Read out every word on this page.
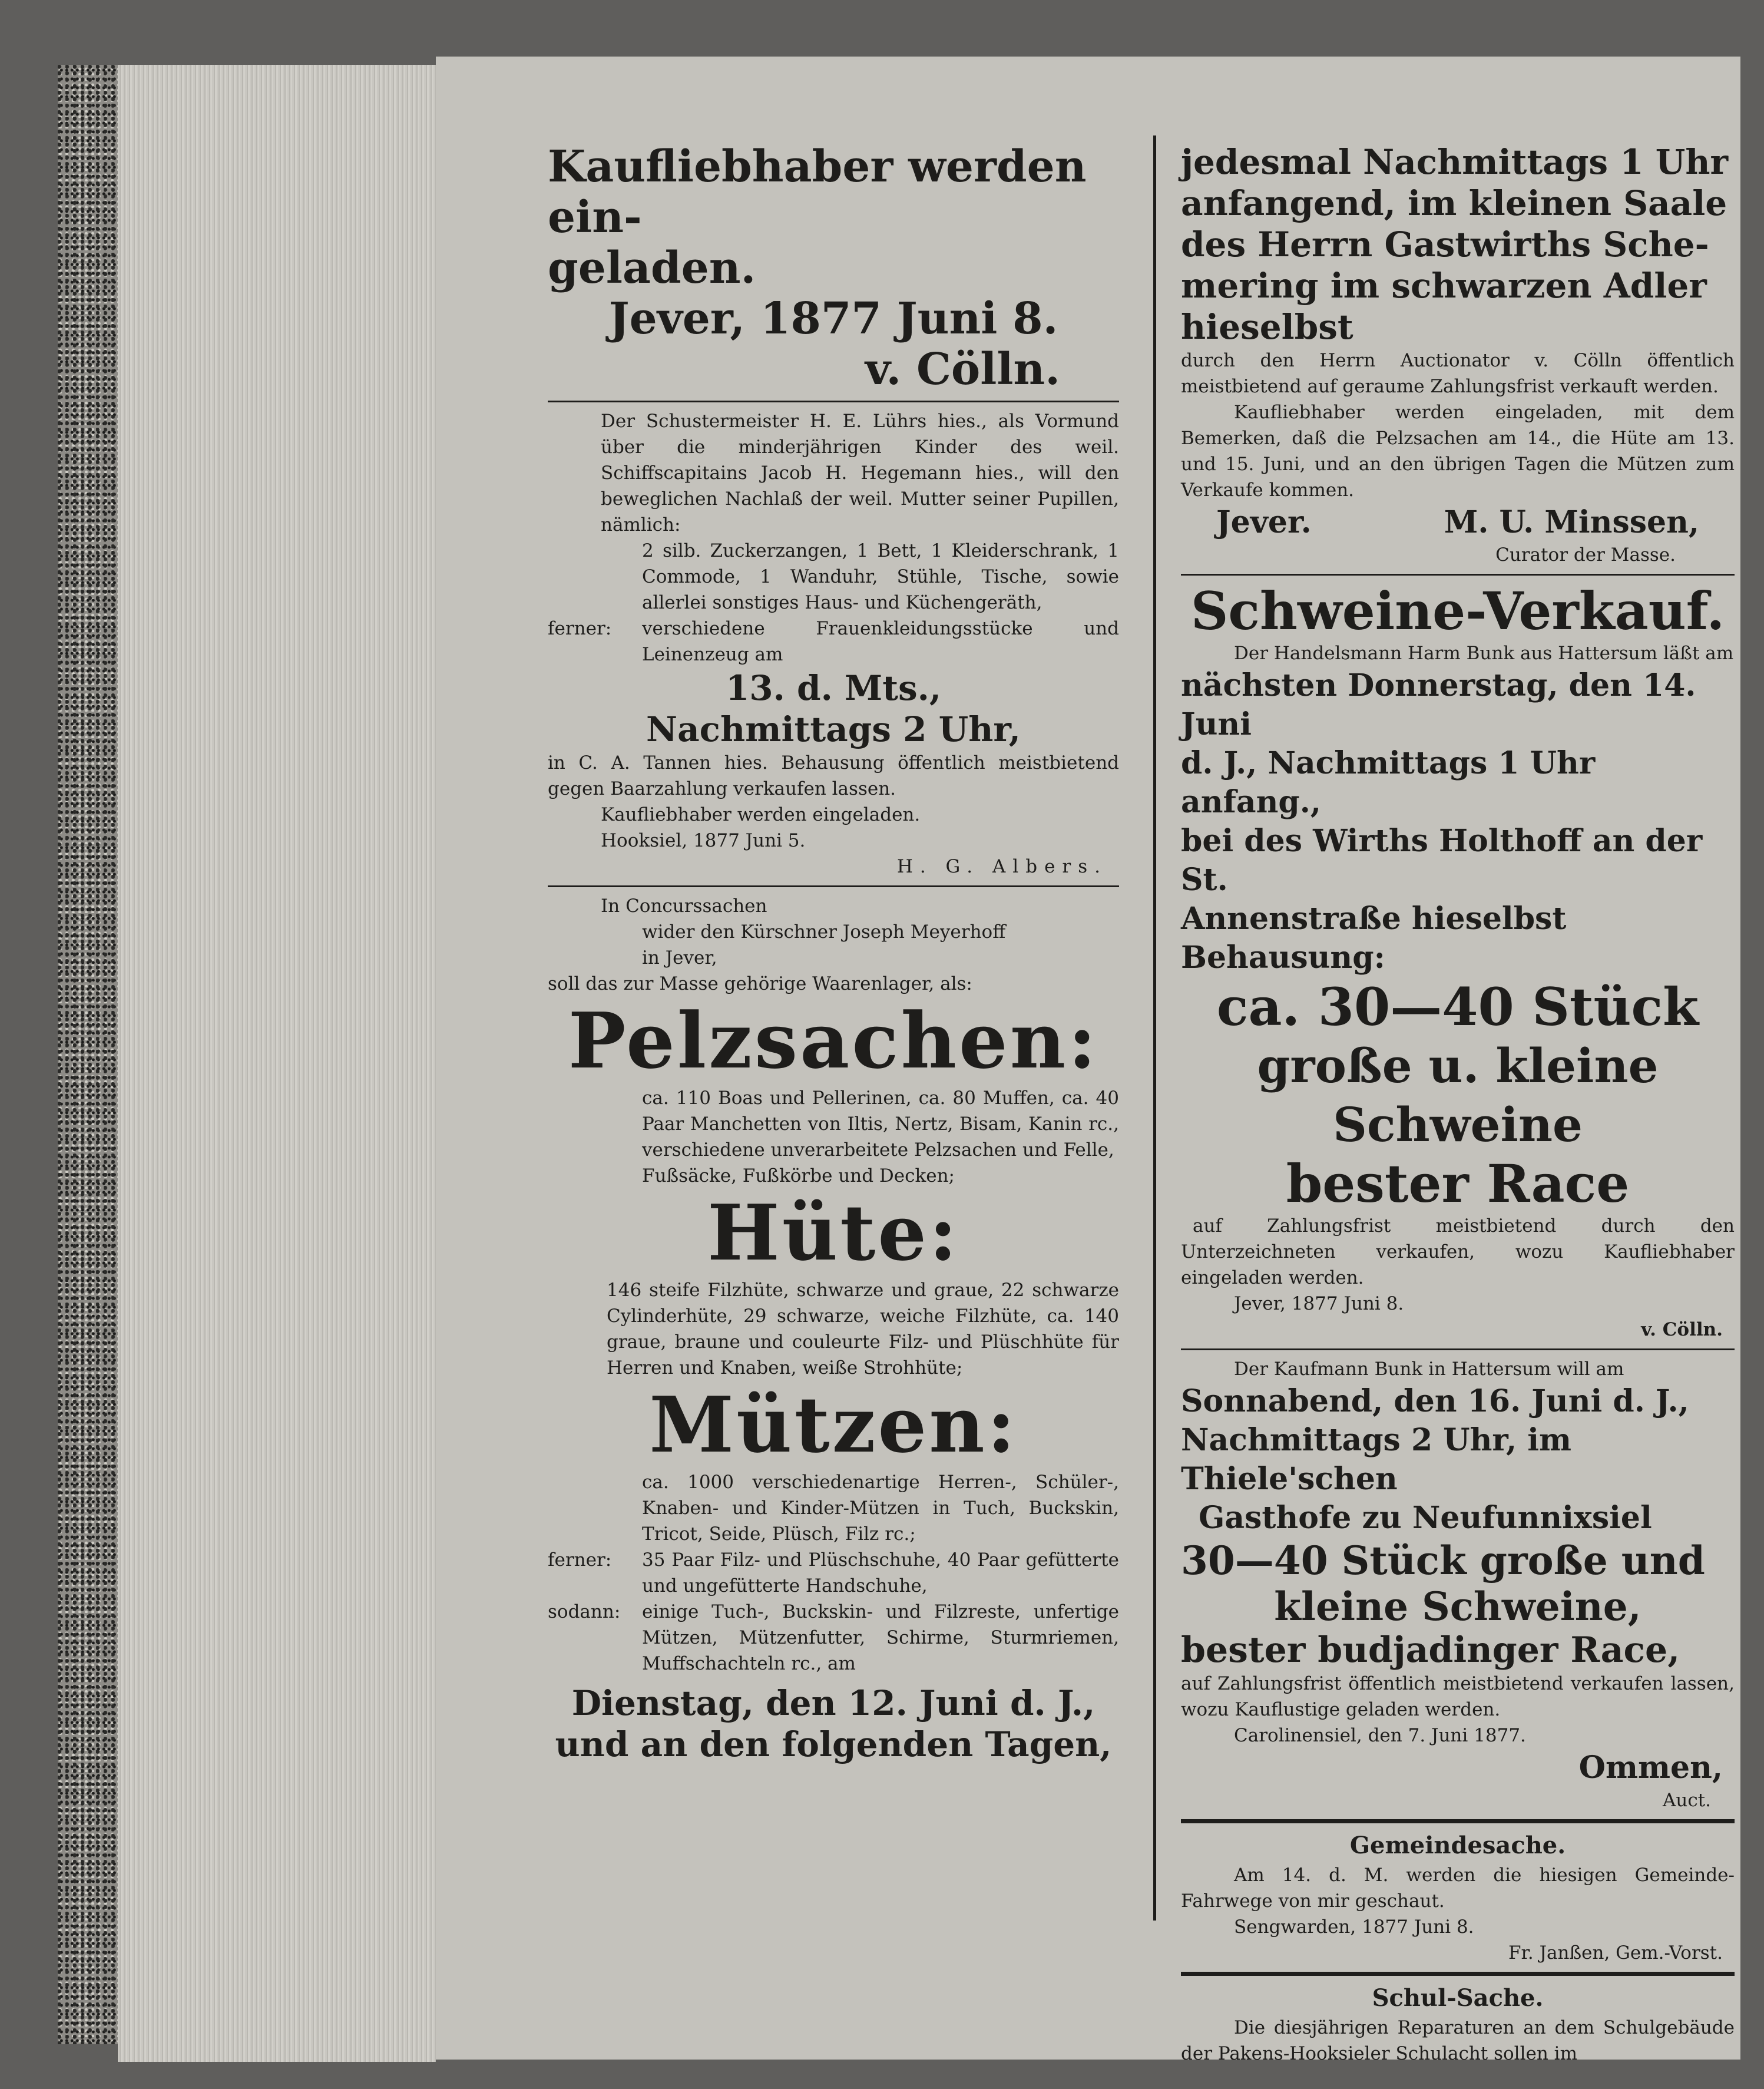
Kaufliebhaber werden ein-

geladen.

Jever, 1877 Juni 8.

v. Cölln.

Der Schustermeister H. E. Lührs hies., als Vormund über die minderjährigen Kinder des weil. Schiffscapitains Jacob H. Hegemann hies., will den beweglichen Nachlaß der weil. Mutter seiner Pupillen, nämlich:

2 silb. Zuckerzangen, 1 Bett, 1 Kleiderschrank, 1 Commode, 1 Wanduhr, Stühle, Tische, sowie allerlei sonstiges Haus- und Küchengeräth,

ferner:	verschiedene Frauenkleidungsstücke und Leinenzeug am

13. d. Mts.,

Nachmittags 2 Uhr,

in C. A. Tannen hies. Behausung öffentlich meistbietend gegen Baarzahlung verkaufen lassen.

Kaufliebhaber werden eingeladen.

Hooksiel, 1877 Juni 5.

H. G. Albers.

In Concurssachen

wider den Kürschner Joseph Meyerhoff

in Jever,

soll das zur Masse gehörige Waarenlager, als:

Pelzsachen:

ca. 110 Boas und Pellerinen, ca. 80 Muffen, ca. 40 Paar Manchetten von Iltis, Nertz, Bisam, Kanin rc., verschiedene unverarbeitete Pelzsachen und Felle,

Fußsäcke, Fußkörbe und Decken;

Hüte:

146 steife Filzhüte, schwarze und graue, 22 schwarze Cylinderhüte, 29 schwarze, weiche Filzhüte, ca. 140 graue, braune und couleurte Filz- und Plüschhüte für Herren und Knaben, weiße Strohhüte;

Mützen:

ca. 1000 verschiedenartige Herren-, Schüler-, Knaben- und Kinder-Mützen in Tuch, Buckskin, Tricot, Seide, Plüsch, Filz rc.;

ferner:	35 Paar Filz- und Plüschschuhe, 40 Paar gefütterte und ungefütterte Handschuhe,
sodann:	einige Tuch-, Buckskin- und Filzreste, unfertige Mützen, Mützenfutter, Schirme, Sturmriemen, Muffschachteln rc., am

Dienstag, den 12. Juni d. J.,

und an den folgenden Tagen,

jedesmal Nachmittags 1 Uhr

anfangend, im kleinen Saale

des Herrn Gastwirths Sche-

mering im schwarzen Adler

hieselbst

durch den Herrn Auctionator v. Cölln öffentlich meistbietend auf geraume Zahlungsfrist verkauft werden.

Kaufliebhaber werden eingeladen, mit dem Bemerken, daß die Pelzsachen am 14., die Hüte am 13. und 15. Juni, und an den übrigen Tagen die Mützen zum Verkaufe kommen.

Jever.	M. U. Minssen,

Curator der Masse.

Schweine-Verkauf.

Der Handelsmann Harm Bunk aus Hattersum läßt am

nächsten Donnerstag, den 14. Juni

d. J., Nachmittags 1 Uhr anfang.,

bei des Wirths Holthoff an der St.

Annenstraße hieselbst Behausung:

ca. 30—40 Stück

große u. kleine Schweine

bester Race

auf Zahlungsfrist meistbietend durch den Unterzeichneten verkaufen, wozu Kaufliebhaber eingeladen werden.

Jever, 1877 Juni 8.

v. Cölln.

Der Kaufmann Bunk in Hattersum will am

Sonnabend, den 16. Juni d. J.,

Nachmittags 2 Uhr, im Thiele'schen

Gasthofe zu Neufunnixsiel

30—40 Stück große und

kleine Schweine,

bester budjadinger Race,

auf Zahlungsfrist öffentlich meistbietend verkaufen lassen, wozu Kauflustige geladen werden.

Carolinensiel, den 7. Juni 1877.

Ommen,

Auct.

Gemeindesache.

Am 14. d. M. werden die hiesigen Gemeinde-Fahrwege von mir geschaut.

Sengwarden, 1877 Juni 8.

Fr. Janßen, Gem.-Vorst.

Schul-Sache.

Die diesjährigen Reparaturen an dem Schulgebäude der Pakens-Hooksieler Schulacht sollen im
